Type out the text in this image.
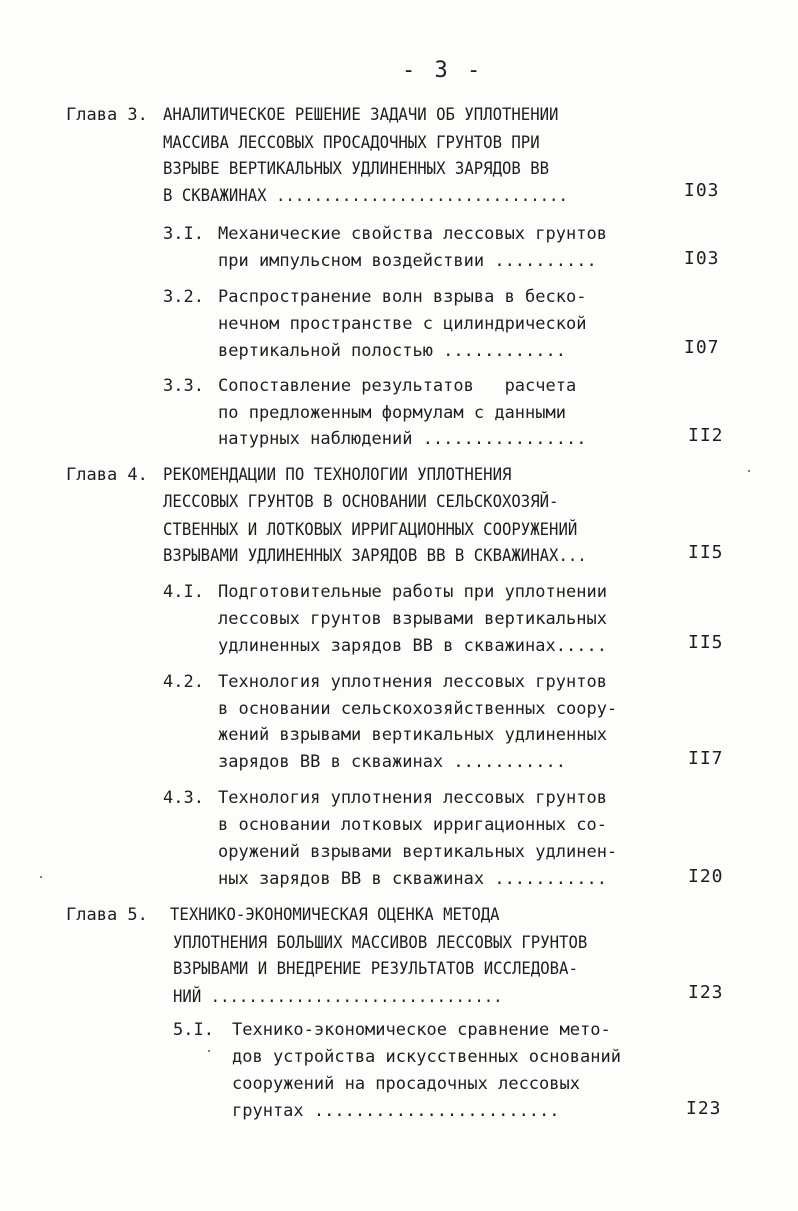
- 3 -
Глава 3. АНАЛИТИЧЕСКОЕ РЕШЕНИЕ ЗАДАЧИ ОБ УПЛОТНЕНИИ
МАССИВА ЛЕССОВЫХ ПРОСАДОЧНЫХ ГРУНТОВ ПРИ
ВЗРЫВЕ ВЕРТИКАЛЬНЫХ УДЛИНЕННЫХ ЗАРЯДОВ ВВ
В СКВАЖИНАХ ...............................	I03
3.I. Механические свойства лессовых грунтов
при импульсном воздействии ..........	I03
3.2. Распространение волн взрыва в беско-
нечном пространстве с цилиндрической
вертикальной полостью ............	I07
3.3. Сопоставление результатов   расчета
по предложенным формулам с данными
натурных наблюдений ................	II2
Глава 4. РЕКОМЕНДАЦИИ ПО ТЕХНОЛОГИИ УПЛОТНЕНИЯ
ЛЕССОВЫХ ГРУНТОВ В ОСНОВАНИИ СЕЛЬСКОХОЗЯЙ-
СТВЕННЫХ И ЛОТКОВЫХ ИРРИГАЦИОННЫХ СООРУЖЕНИЙ
ВЗРЫВАМИ УДЛИНЕННЫХ ЗАРЯДОВ ВВ В СКВАЖИНАХ...	II5
4.I. Подготовительные работы при уплотнении
лессовых грунтов взрывами вертикальных
удлиненных зарядов ВВ в скважинах.....	II5
4.2. Технология уплотнения лессовых грунтов
в основании сельскохозяйственных соору-
жений взрывами вертикальных удлиненных
зарядов ВВ в скважинах ...........	II7
4.3. Технология уплотнения лессовых грунтов
в основании лотковых ирригационных со-
оружений взрывами вертикальных удлинен-
ных зарядов ВВ в скважинах ...........	I20
Глава 5. ТЕХНИКО-ЭКОНОМИЧЕСКАЯ ОЦЕНКА МЕТОДА
УПЛОТНЕНИЯ БОЛЬШИХ МАССИВОВ ЛЕССОВЫХ ГРУНТОВ
ВЗРЫВАМИ И ВНЕДРЕНИЕ РЕЗУЛЬТАТОВ ИССЛЕДОВА-
НИЙ ...............................	I23
5.I. Технико-экономическое сравнение мето-
дов устройства искусственных оснований
сооружений на просадочных лессовых
грунтах ........................	I23
